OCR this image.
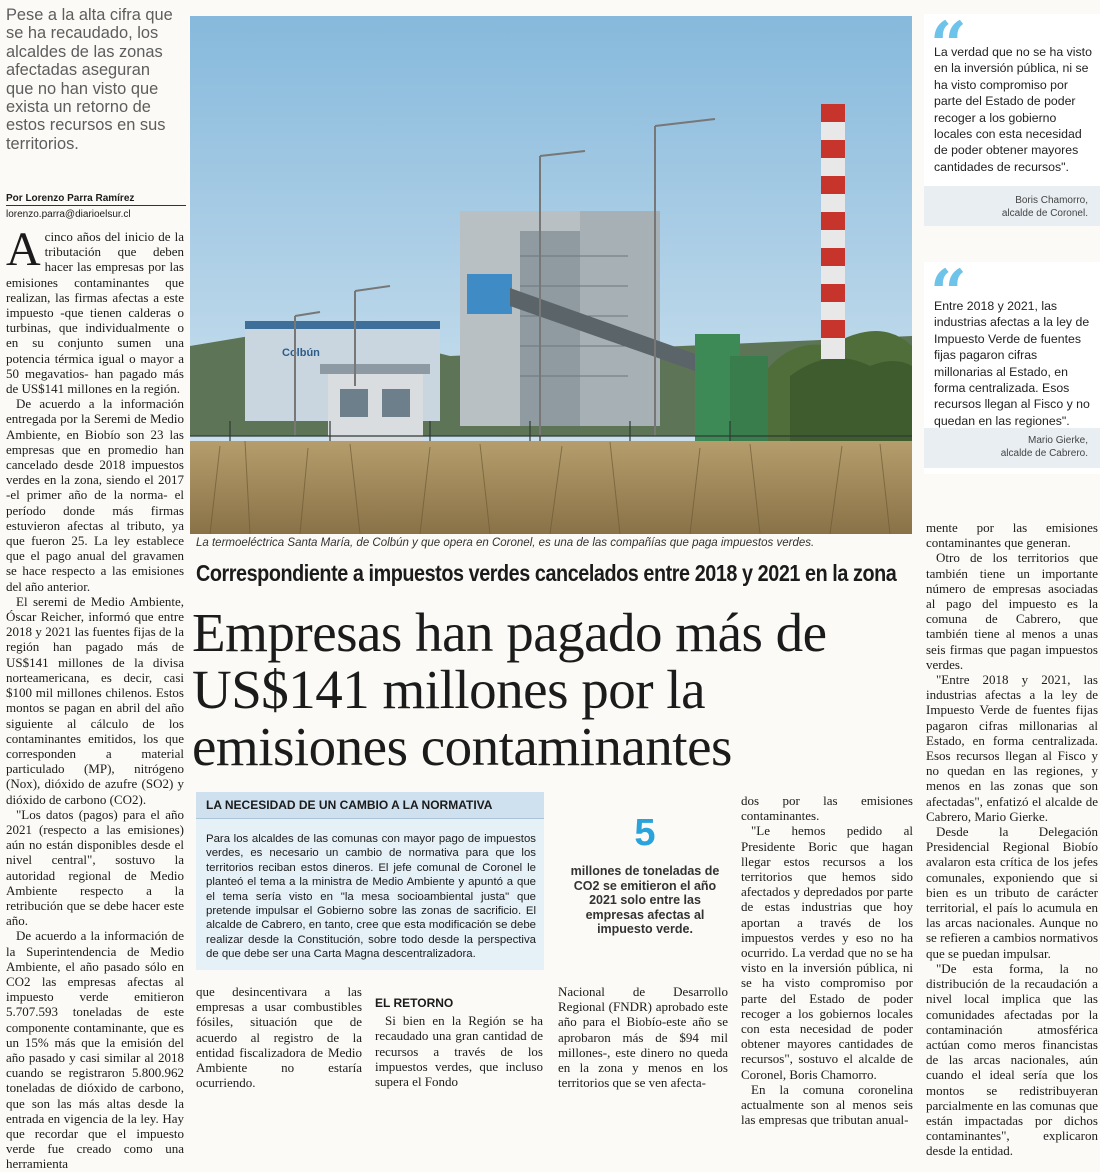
Pese a la alta cifra que se ha recaudado, los alcaldes de las zonas afectadas aseguran que no han visto que exista un retorno de estos recursos en sus territorios.
Por Lorenzo Parra Ramírez
lorenzo.parra@diarioelsur.cl

Acinco años del inicio de la tributación que deben hacer las empresas por las emisiones contaminantes que realizan, las firmas afectas a este impuesto -que tienen calderas o turbinas, que individualmente o en su conjunto sumen una potencia térmica igual o mayor a 50 megavatios- han pagado más de US$141 millones en la región.

De acuerdo a la información entregada por la Seremi de Medio Ambiente, en Biobío son 23 las empresas que en promedio han cancelado desde 2018 impuestos verdes en la zona, siendo el 2017 -el primer año de la norma- el período donde más firmas estuvieron afectas al tributo, ya que fueron 25. La ley establece que el pago anual del gravamen se hace respecto a las emisiones del año anterior.

El seremi de Medio Ambiente, Óscar Reicher, informó que entre 2018 y 2021 las fuentes fijas de la región han pagado más de US$141 millones de la divisa norteamericana, es decir, casi $100 mil millones chilenos. Estos montos se pagan en abril del año siguiente al cálculo de los contaminantes emitidos, los que corresponden a material particulado (MP), nitrógeno (Nox), dióxido de azufre (SO2) y dióxido de carbono (CO2).

"Los datos (pagos) para el año 2021 (respecto a las emisiones) aún no están disponibles desde el nivel central", sostuvo la autoridad regional de Medio Ambiente respecto a la retribución que se debe hacer este año.

De acuerdo a la información de la Superintendencia de Medio Ambiente, el año pasado sólo en CO2 las empresas afectas al impuesto verde emitieron 5.707.593 toneladas de este componente contaminante, que es un 15% más que la emisión del año pasado y casi similar al 2018 cuando se registraron 5.800.962 toneladas de dióxido de carbono, que son las más altas desde la entrada en vigencia de la ley. Hay que recordar que el impuesto verde fue creado como una herramienta

Colbún
La termoeléctrica Santa María, de Colbún y que opera en Coronel, es una de las compañías que paga impuestos verdes.
Correspondiente a impuestos verdes cancelados entre 2018 y 2021 en la zona
Empresas han pagado más de
US$141 millones por la
emisiones contaminantes
LA NECESIDAD DE UN CAMBIO A LA NORMATIVA
Para los alcaldes de las comunas con mayor pago de impuestos verdes, es necesario un cambio de normativa para que los territorios reciban estos dineros. El jefe comunal de Coronel le planteó el tema a la ministra de Medio Ambiente y apuntó a que el tema sería visto en "la mesa socioambiental justa" que pretende impulsar el Gobierno sobre las zonas de sacrificio. El alcalde de Cabrero, en tanto, cree que esta modificación se debe realizar desde la Constitución, sobre todo desde la perspectiva de que debe ser una Carta Magna descentralizadora.
5
millones de toneladas de CO2 se emitieron el año 2021 solo entre las empresas afectas al impuesto verde.

que desincentivara a las empresas a usar combustibles fósiles, situación que de acuerdo al registro de la entidad fiscalizadora de Medio Ambiente no estaría ocurriendo.

EL RETORNO

Si bien en la Región se ha recaudado una gran cantidad de recursos a través de los impuestos verdes, que incluso supera el Fondo

Nacional de Desarrollo Regional (FNDR) aprobado este año para el Biobío-este año se aprobaron más de $94 mil millones-, este dinero no queda en la zona y menos en los territorios que se ven afecta-

dos por las emisiones contaminantes.

"Le hemos pedido al Presidente Boric que hagan llegar estos recursos a los territorios que hemos sido afectados y depredados por parte de estas industrias que hoy aportan a través de los impuestos verdes y eso no ha ocurrido. La verdad que no se ha visto en la inversión pública, ni se ha visto compromiso por parte del Estado de poder recoger a los gobiernos locales con esta necesidad de poder obtener mayores cantidades de recursos", sostuvo el alcalde de Coronel, Boris Chamorro.

En la comuna coronelina actualmente son al menos seis las empresas que tributan anual-

mente por las emisiones contaminantes que generan.

Otro de los territorios que también tiene un importante número de empresas asociadas al pago del impuesto es la comuna de Cabrero, que también tiene al menos a unas seis firmas que pagan impuestos verdes.

"Entre 2018 y 2021, las industrias afectas a la ley de Impuesto Verde de fuentes fijas pagaron cifras millonarias al Estado, en forma centralizada. Esos recursos llegan al Fisco y no quedan en las regiones, y menos en las zonas que son afectadas", enfatizó el alcalde de Cabrero, Mario Gierke.

Desde la Delegación Presidencial Regional Biobío avalaron esta crítica de los jefes comunales, exponiendo que si bien es un tributo de carácter territorial, el país lo acumula en las arcas nacionales. Aunque no se refieren a cambios normativos que se puedan impulsar.

"De esta forma, la no distribución de la recaudación a nivel local implica que las comunidades afectadas por la contaminación atmosférica actúan como meros financistas de las arcas nacionales, aún cuando el ideal sería que los montos se redistribuyeran parcialmente en las comunas que están impactadas por dichos contaminantes", explicaron desde la entidad.

“
La verdad que no se ha visto en la inversión pública, ni se ha visto compromiso por parte del Estado de poder recoger a los gobierno locales con esta necesidad de poder obtener mayores cantidades de recursos".
Boris Chamorro,
alcalde de Coronel.
“
Entre 2018 y 2021, las industrias afectas a la ley de Impuesto Verde de fuentes fijas pagaron cifras millonarias al Estado, en forma centralizada. Esos recursos llegan al Fisco y no quedan en las regiones".
Mario Gierke,
alcalde de Cabrero.
